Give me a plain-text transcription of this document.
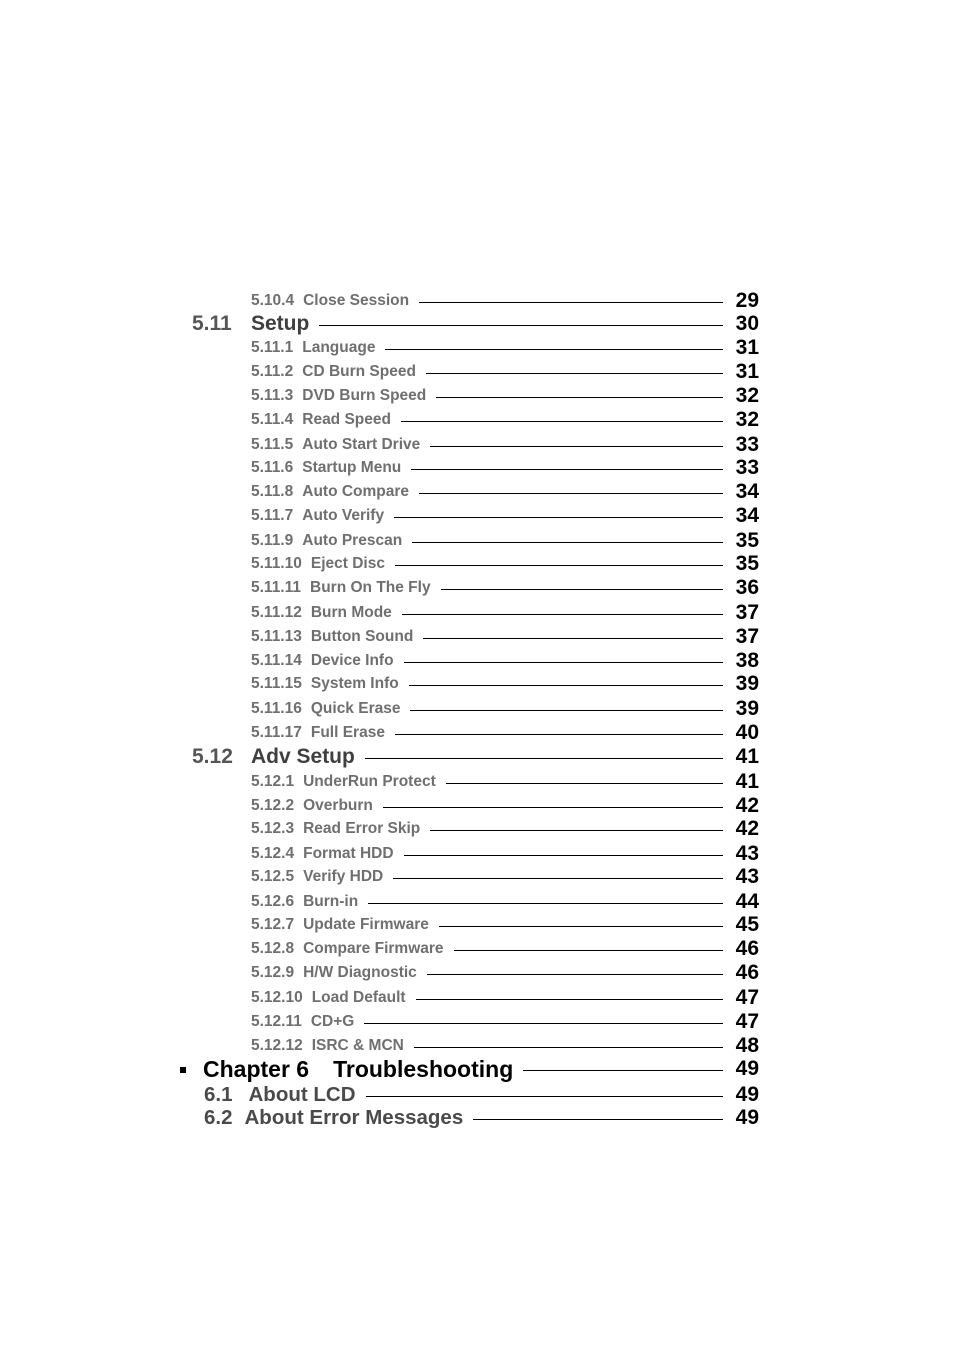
5.10.4 Close Session	29
5.11 Setup	30
5.11.1 Language	31
5.11.2 CD Burn Speed	31
5.11.3 DVD Burn Speed	32
5.11.4 Read Speed	32
5.11.5 Auto Start Drive	33
5.11.6 Startup Menu	33
5.11.8 Auto Compare	34
5.11.7 Auto Verify	34
5.11.9 Auto Prescan	35
5.11.10 Eject Disc	35
5.11.11 Burn On The Fly	36
5.11.12 Burn Mode	37
5.11.13 Button Sound	37
5.11.14 Device Info	38
5.11.15 System Info	39
5.11.16 Quick Erase	39
5.11.17 Full Erase	40
5.12 Adv Setup	41
5.12.1 UnderRun Protect	41
5.12.2 Overburn	42
5.12.3 Read Error Skip	42
5.12.4 Format HDD	43
5.12.5 Verify HDD	43
5.12.6 Burn-in	44
5.12.7 Update Firmware	45
5.12.8 Compare Firmware	46
5.12.9 H/W Diagnostic	46
5.12.10 Load Default	47
5.12.11 CD+G	47
5.12.12 ISRC & MCN	48
Chapter 6 Troubleshooting	49
6.1 About LCD	49
6.2 About Error Messages	49
